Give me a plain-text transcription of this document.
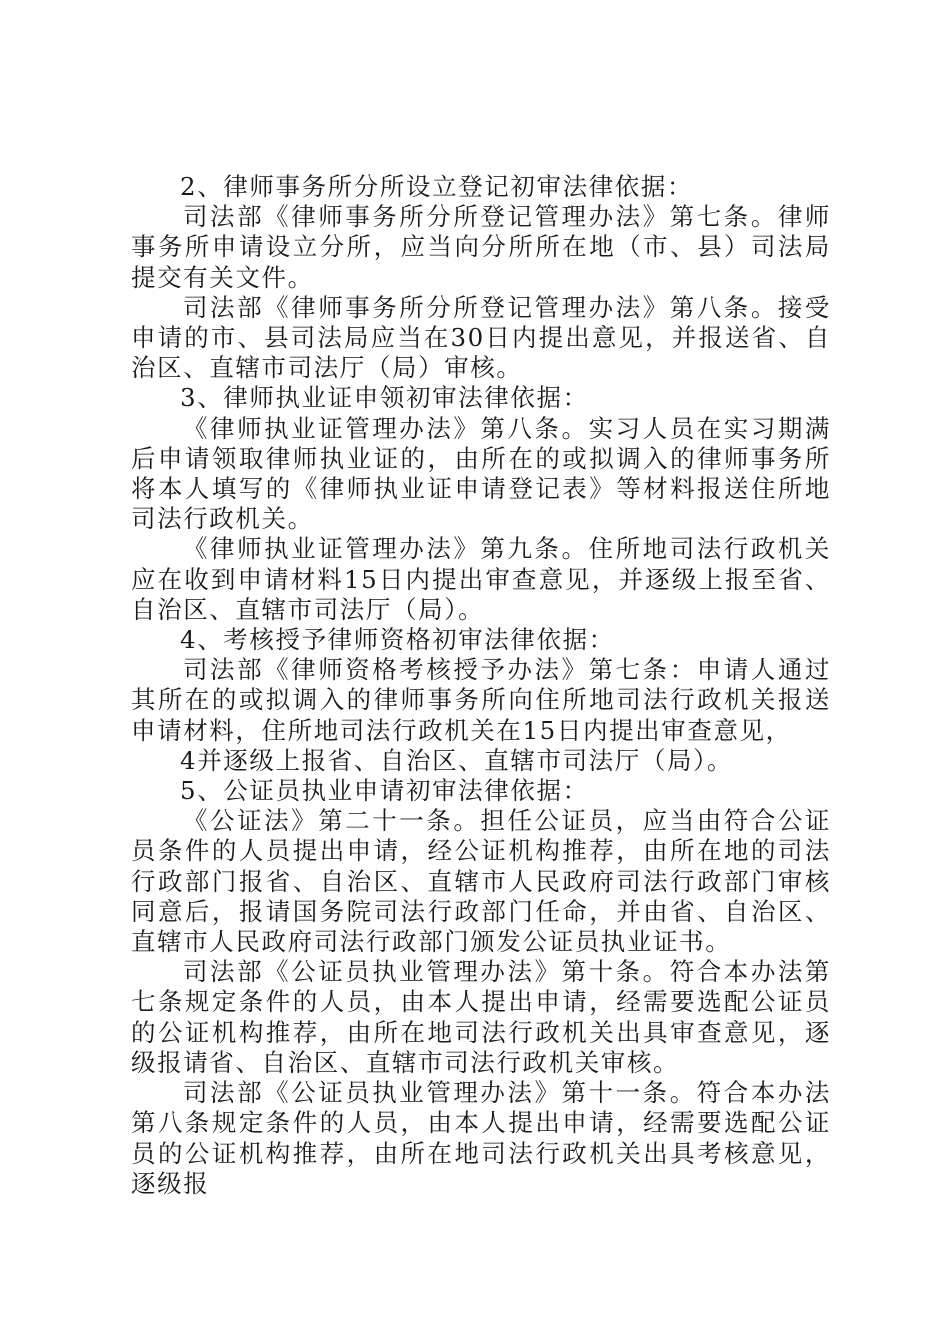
2、律师事务所分所设立登记初审法律依据：

司法部《律师事务所分所登记管理办法》第七条。律师事务所申请设立分所，应当向分所所在地（市、县）司法局提交有关文件。

司法部《律师事务所分所登记管理办法》第八条。接受申请的市、县司法局应当在30日内提出意见，并报送省、自治区、直辖市司法厅（局）审核。

3、律师执业证申领初审法律依据：

《律师执业证管理办法》第八条。实习人员在实习期满后申请领取律师执业证的，由所在的或拟调入的律师事务所将本人填写的《律师执业证申请登记表》等材料报送住所地司法行政机关。

《律师执业证管理办法》第九条。住所地司法行政机关应在收到申请材料15日内提出审查意见，并逐级上报至省、自治区、直辖市司法厅（局）。

4、考核授予律师资格初审法律依据：

司法部《律师资格考核授予办法》第七条：申请人通过其所在的或拟调入的律师事务所向住所地司法行政机关报送申请材料，住所地司法行政机关在15日内提出审查意见，

4并逐级上报省、自治区、直辖市司法厅（局）。

5、公证员执业申请初审法律依据：

《公证法》第二十一条。担任公证员，应当由符合公证员条件的人员提出申请，经公证机构推荐，由所在地的司法行政部门报省、自治区、直辖市人民政府司法行政部门审核同意后，报请国务院司法行政部门任命，并由省、自治区、直辖市人民政府司法行政部门颁发公证员执业证书。

司法部《公证员执业管理办法》第十条。符合本办法第七条规定条件的人员，由本人提出申请，经需要选配公证员的公证机构推荐，由所在地司法行政机关出具审查意见，逐级报请省、自治区、直辖市司法行政机关审核。

司法部《公证员执业管理办法》第十一条。符合本办法第八条规定条件的人员，由本人提出申请，经需要选配公证员的公证机构推荐，由所在地司法行政机关出具考核意见，逐级报
